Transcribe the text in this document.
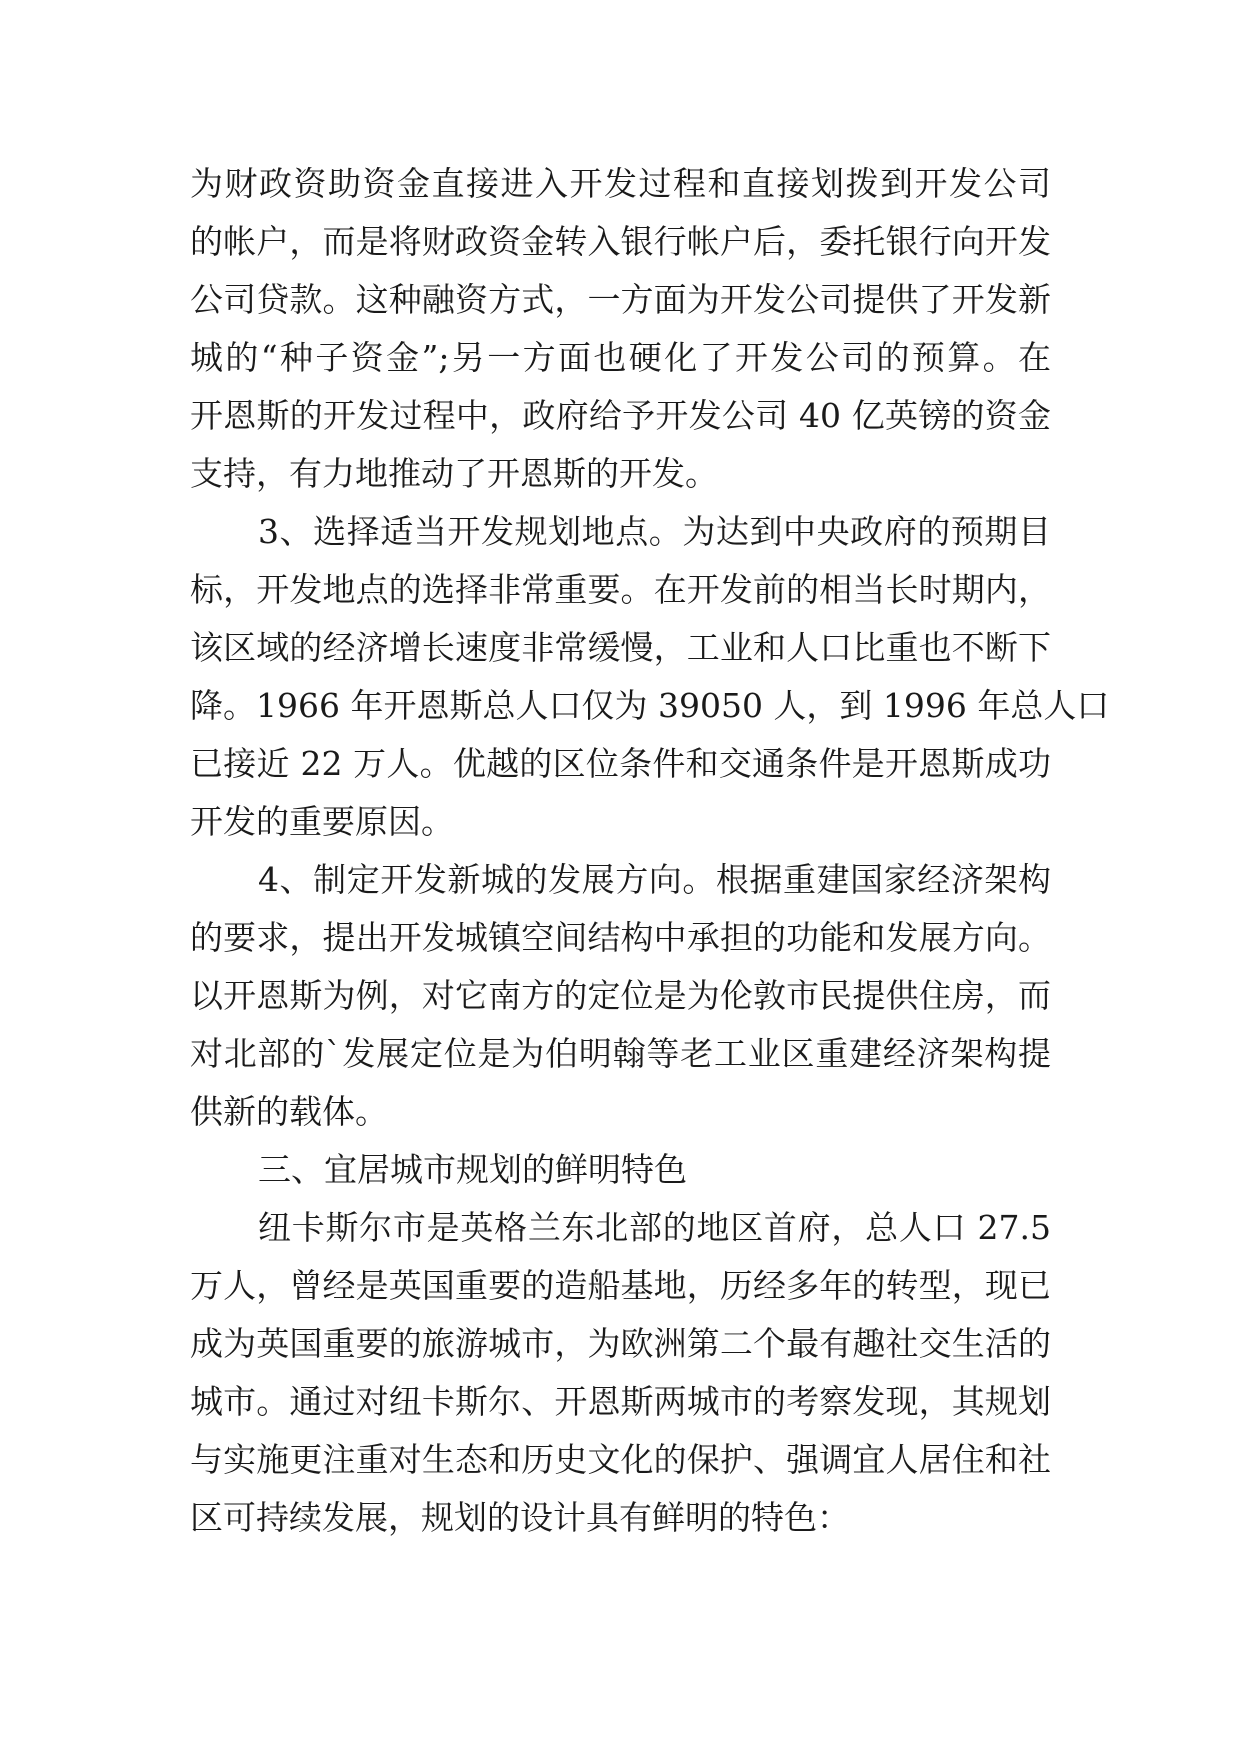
为财政资助资金直接进入开发过程和直接划拨到开发公司
的帐户，而是将财政资金转入银行帐户后，委托银行向开发
公司贷款。这种融资方式，一方面为开发公司提供了开发新
城的“种子资金”;另一方面也硬化了开发公司的预算。在
开恩斯的开发过程中，政府给予开发公司 40 亿英镑的资金
支持，有力地推动了开恩斯的开发。
3、选择适当开发规划地点。为达到中央政府的预期目
标，开发地点的选择非常重要。在开发前的相当长时期内，
该区域的经济增长速度非常缓慢，工业和人口比重也不断下
降。1966 年开恩斯总人口仅为 39050 人，到 1996 年总人口
已接近 22 万人。优越的区位条件和交通条件是开恩斯成功
开发的重要原因。
4、制定开发新城的发展方向。根据重建国家经济架构
的要求，提出开发城镇空间结构中承担的功能和发展方向。
以开恩斯为例，对它南方的定位是为伦敦市民提供住房，而
对北部的`发展定位是为伯明翰等老工业区重建经济架构提
供新的载体。
三、宜居城市规划的鲜明特色
纽卡斯尔市是英格兰东北部的地区首府，总人口 27.5
万人，曾经是英国重要的造船基地，历经多年的转型，现已
成为英国重要的旅游城市，为欧洲第二个最有趣社交生活的
城市。通过对纽卡斯尔、开恩斯两城市的考察发现，其规划
与实施更注重对生态和历史文化的保护、强调宜人居住和社
区可持续发展，规划的设计具有鲜明的特色：
